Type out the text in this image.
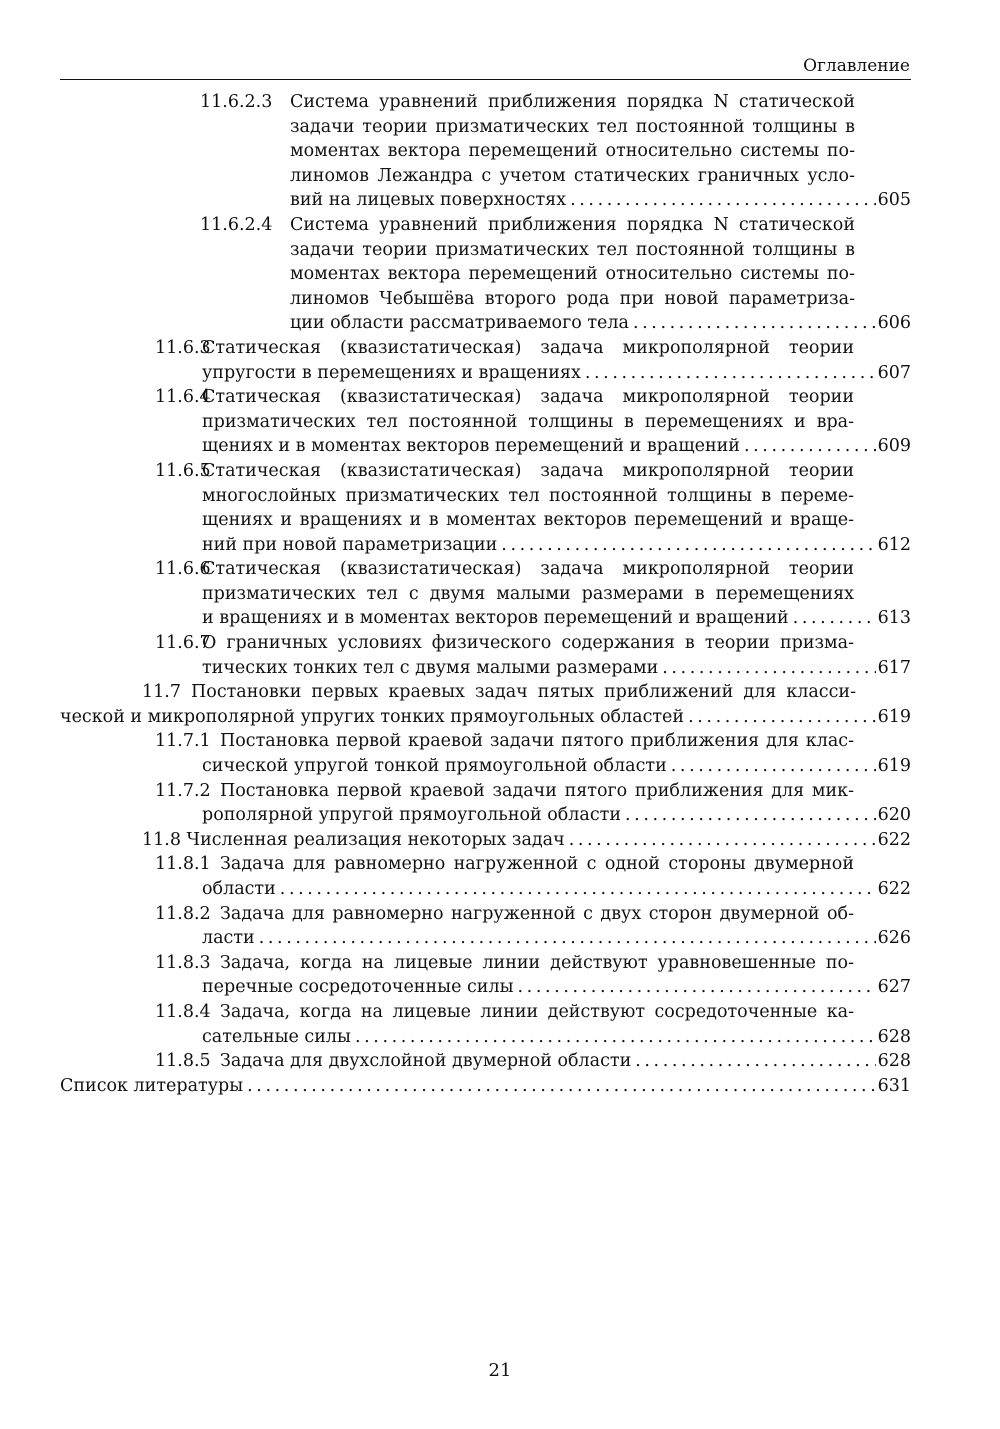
Оглавление
11.6.2.3 Система уравнений приближения порядка N статической
задачи теории призматических тел постоянной толщины в
моментах вектора перемещений относительно системы по-
линомов Лежандра с учетом статических граничных усло-
вий на лицевых поверхностях .....	605
11.6.2.4 Система уравнений приближения порядка N статической
задачи теории призматических тел постоянной толщины в
моментах вектора перемещений относительно системы по-
линомов Чебышёва второго рода при новой параметриза-
ции области рассматриваемого тела .....	606
11.6.3
Статическая (квазистатическая) задача микрополярной теории
упругости в перемещениях и вращениях .....	607
11.6.4
Статическая (квазистатическая) задача микрополярной теории
призматических тел постоянной толщины в перемещениях и вра-
щениях и в моментах векторов перемещений и вращений .....	609
11.6.5
Статическая (квазистатическая) задача микрополярной теории
многослойных призматических тел постоянной толщины в переме-
щениях и вращениях и в моментах векторов перемещений и враще-
ний при новой параметризации .....	612
11.6.6
Статическая (квазистатическая) задача микрополярной теории
призматических тел с двумя малыми размерами в перемещениях
и вращениях и в моментах векторов перемещений и вращений .....	613
11.6.7
О граничных условиях физического содержания в теории призма-
тических тонких тел с двумя малыми размерами .....	617
11.7 Постановки первых краевых задач пятых приближений для класси-
ческой и микрополярной упругих тонких прямоугольных областей .....	619
11.7.1 Постановка первой краевой задачи пятого приближения для клас-
сической упругой тонкой прямоугольной области .....	619
11.7.2 Постановка первой краевой задачи пятого приближения для мик-
рополярной упругой прямоугольной области .....	620
11.8 Численная реализация некоторых задач .....	622
11.8.1 Задача для равномерно нагруженной с одной стороны двумерной
области .....	622
11.8.2 Задача для равномерно нагруженной с двух сторон двумерной об-
ласти .....	626
11.8.3 Задача, когда на лицевые линии действуют уравновешенные по-
перечные сосредоточенные силы .....	627
11.8.4 Задача, когда на лицевые линии действуют сосредоточенные ка-
сательные силы .....	628
11.8.5 Задача для двухслойной двумерной области .....	628
Список литературы .....	631
21
